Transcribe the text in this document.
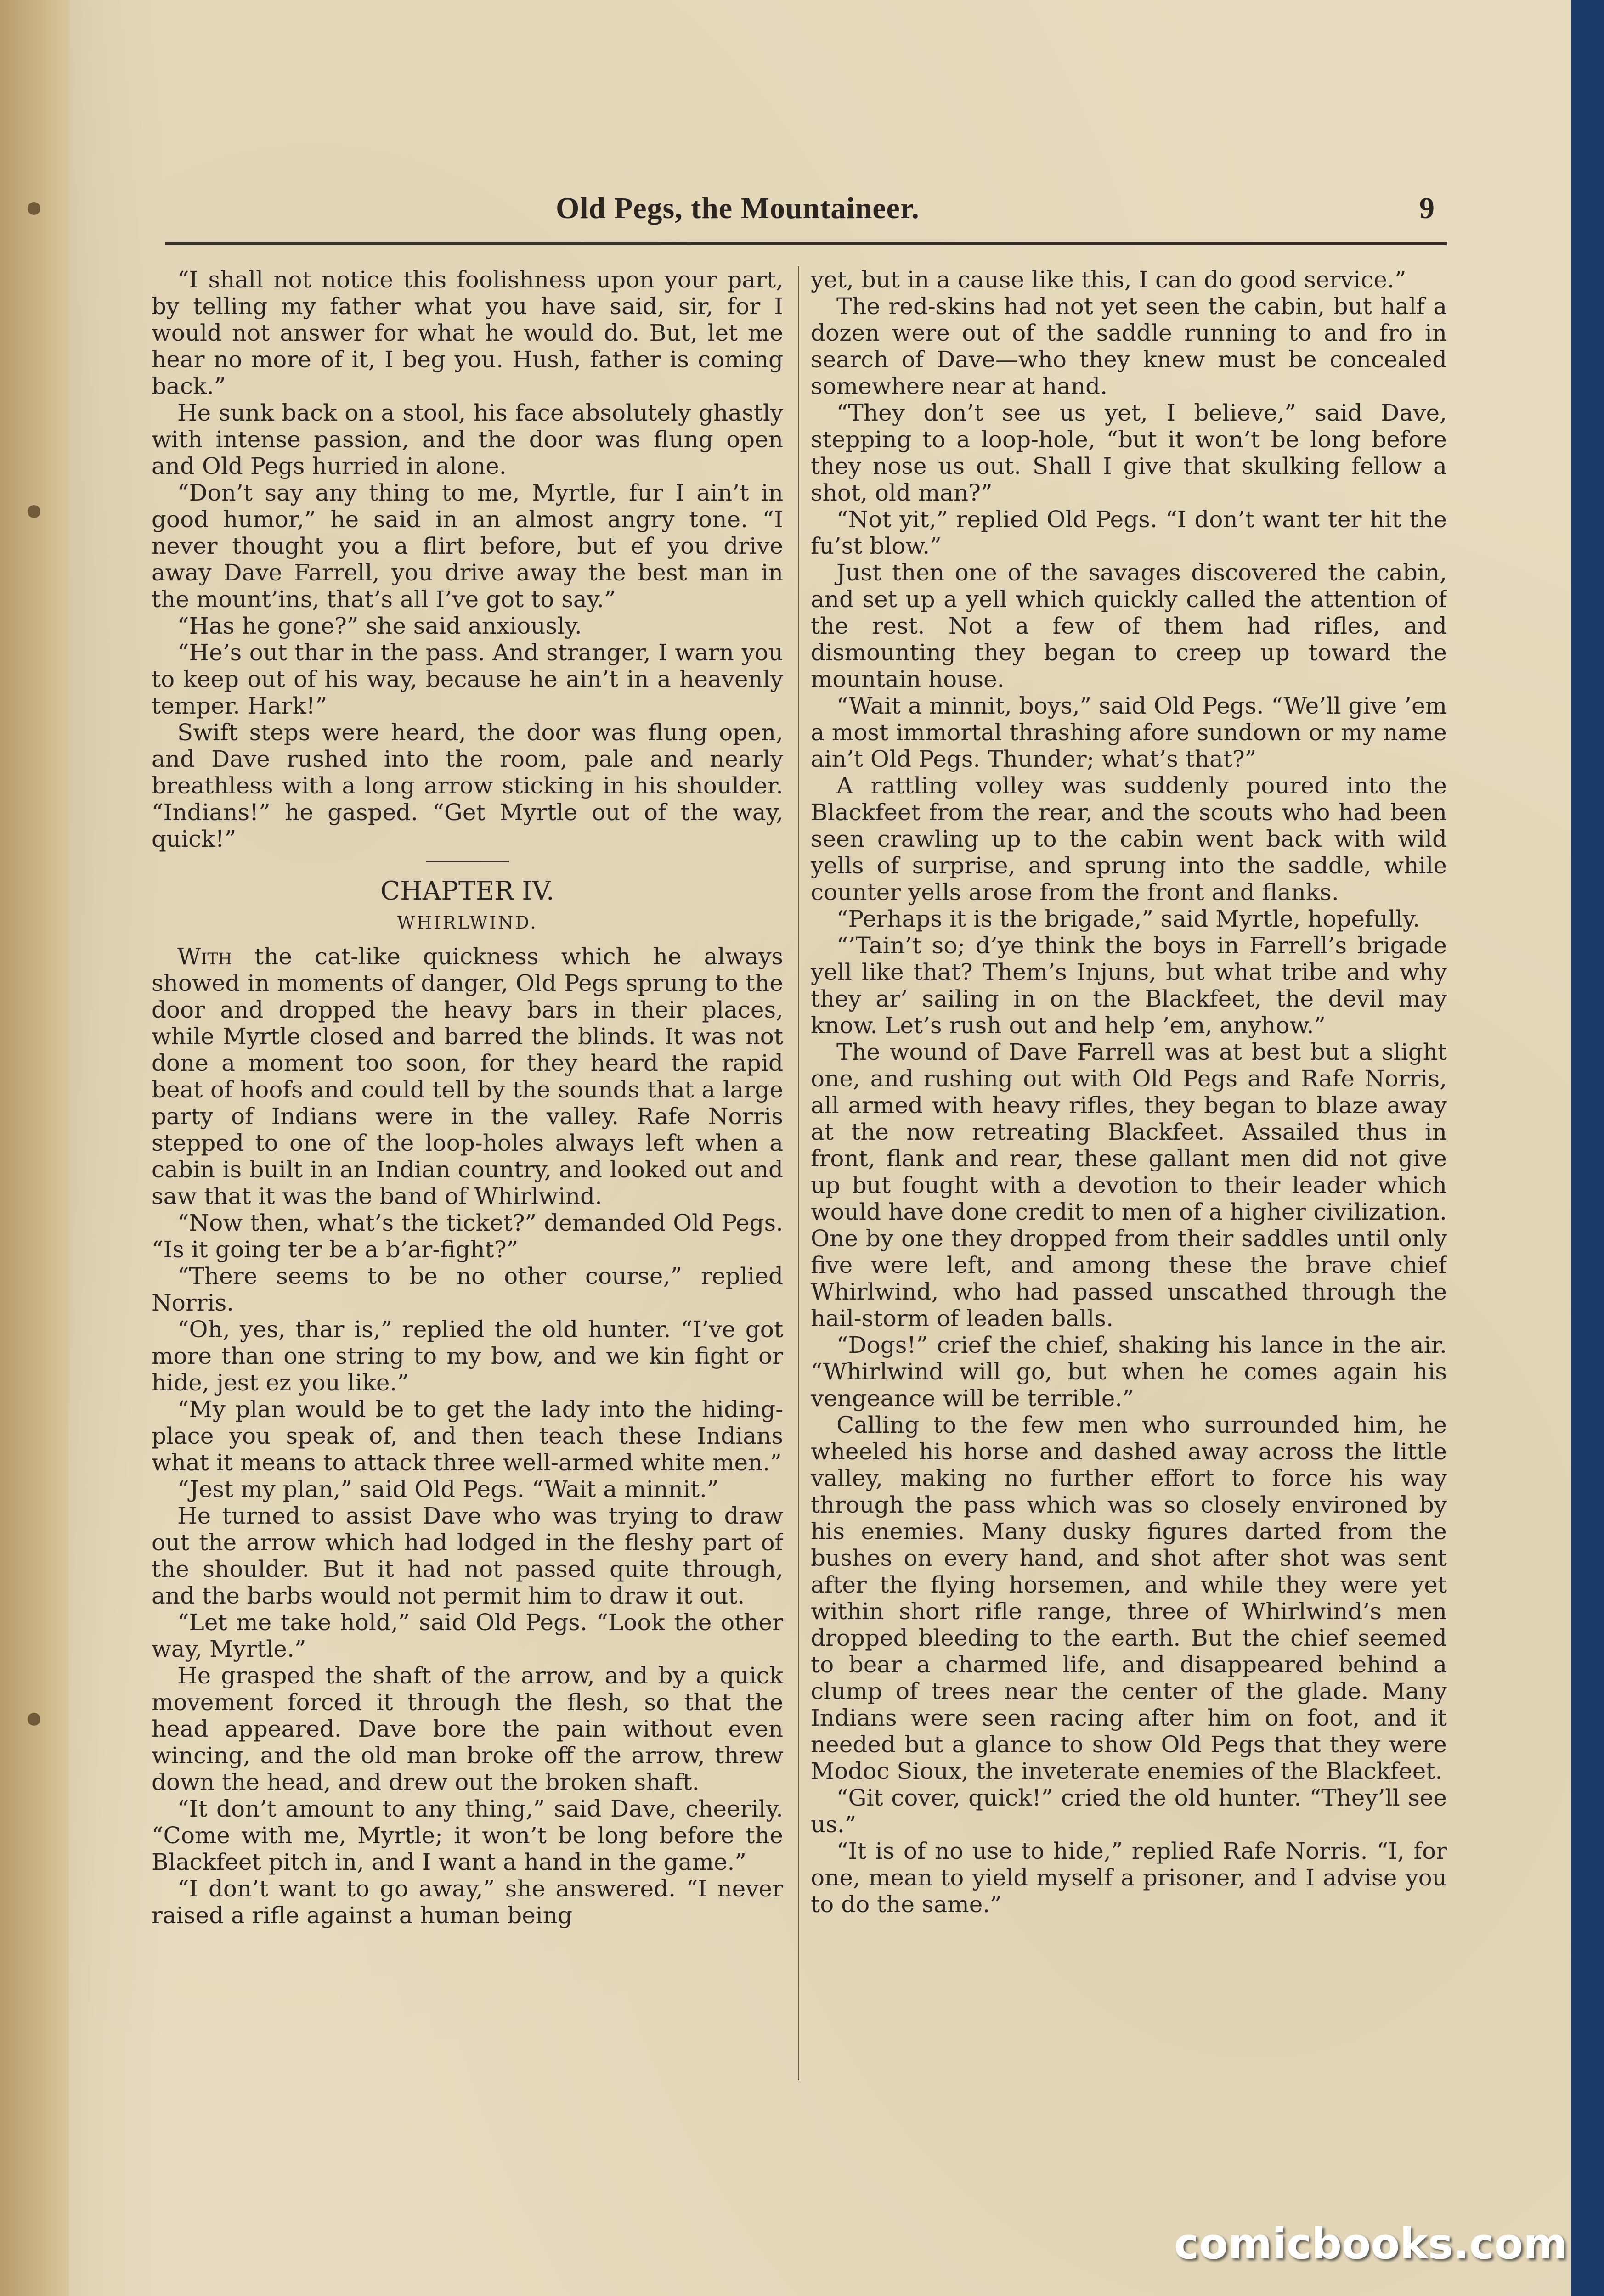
Old Pegs, the Mountaineer.	9

“I shall not notice this foolishness upon your part, by telling my father what you have said, sir, for I would not answer for what he would do. But, let me hear no more of it, I beg you. Hush, father is coming back.”

He sunk back on a stool, his face absolutely ghastly with intense passion, and the door was flung open and Old Pegs hurried in alone.

“Don’t say any thing to me, Myrtle, fur I ain’t in good humor,” he said in an almost angry tone. “I never thought you a flirt before, but ef you drive away Dave Farrell, you drive away the best man in the mount’ins, that’s all I’ve got to say.”

“Has he gone?” she said anxiously.

“He’s out thar in the pass. And stranger, I warn you to keep out of his way, because he ain’t in a heavenly temper. Hark!”

Swift steps were heard, the door was flung open, and Dave rushed into the room, pale and nearly breathless with a long arrow sticking in his shoulder. “Indians!” he gasped. “Get Myrtle out of the way, quick!”

CHAPTER IV.
WHIRLWIND.

With the cat-like quickness which he always showed in moments of danger, Old Pegs sprung to the door and dropped the heavy bars in their places, while Myrtle closed and barred the blinds. It was not done a moment too soon, for they heard the rapid beat of hoofs and could tell by the sounds that a large party of Indians were in the valley. Rafe Norris stepped to one of the loop-holes always left when a cabin is built in an Indian country, and looked out and saw that it was the band of Whirlwind.

“Now then, what’s the ticket?” demanded Old Pegs. “Is it going ter be a b’ar-fight?”

“There seems to be no other course,” replied Norris.

“Oh, yes, thar is,” replied the old hunter. “I’ve got more than one string to my bow, and we kin fight or hide, jest ez you like.”

“My plan would be to get the lady into the hiding-place you speak of, and then teach these Indians what it means to attack three well-armed white men.”

“Jest my plan,” said Old Pegs. “Wait a minnit.”

He turned to assist Dave who was trying to draw out the arrow which had lodged in the fleshy part of the shoulder. But it had not passed quite through, and the barbs would not permit him to draw it out.

“Let me take hold,” said Old Pegs. “Look the other way, Myrtle.”

He grasped the shaft of the arrow, and by a quick movement forced it through the flesh, so that the head appeared. Dave bore the pain without even wincing, and the old man broke off the arrow, threw down the head, and drew out the broken shaft.

“It don’t amount to any thing,” said Dave, cheerily. “Come with me, Myrtle; it won’t be long before the Blackfeet pitch in, and I want a hand in the game.”

“I don’t want to go away,” she answered. “I never raised a rifle against a human being

yet, but in a cause like this, I can do good service.”

The red-skins had not yet seen the cabin, but half a dozen were out of the saddle running to and fro in search of Dave—who they knew must be concealed somewhere near at hand.

“They don’t see us yet, I believe,” said Dave, stepping to a loop-hole, “but it won’t be long before they nose us out. Shall I give that skulking fellow a shot, old man?”

“Not yit,” replied Old Pegs. “I don’t want ter hit the fu’st blow.”

Just then one of the savages discovered the cabin, and set up a yell which quickly called the attention of the rest. Not a few of them had rifles, and dismounting they began to creep up toward the mountain house.

“Wait a minnit, boys,” said Old Pegs. “We’ll give ’em a most immortal thrashing afore sundown or my name ain’t Old Pegs. Thunder; what’s that?”

A rattling volley was suddenly poured into the Blackfeet from the rear, and the scouts who had been seen crawling up to the cabin went back with wild yells of surprise, and sprung into the saddle, while counter yells arose from the front and flanks.

“Perhaps it is the brigade,” said Myrtle, hopefully.

“’Tain’t so; d’ye think the boys in Farrell’s brigade yell like that? Them’s Injuns, but what tribe and why they ar’ sailing in on the Blackfeet, the devil may know. Let’s rush out and help ’em, anyhow.”

The wound of Dave Farrell was at best but a slight one, and rushing out with Old Pegs and Rafe Norris, all armed with heavy rifles, they began to blaze away at the now retreating Blackfeet. Assailed thus in front, flank and rear, these gallant men did not give up but fought with a devotion to their leader which would have done credit to men of a higher civilization. One by one they dropped from their saddles until only five were left, and among these the brave chief Whirlwind, who had passed unscathed through the hail-storm of leaden balls.

“Dogs!” crief the chief, shaking his lance in the air. “Whirlwind will go, but when he comes again his vengeance will be terrible.”

Calling to the few men who surrounded him, he wheeled his horse and dashed away across the little valley, making no further effort to force his way through the pass which was so closely environed by his enemies. Many dusky figures darted from the bushes on every hand, and shot after shot was sent after the flying horsemen, and while they were yet within short rifle range, three of Whirlwind’s men dropped bleeding to the earth. But the chief seemed to bear a charmed life, and disappeared behind a clump of trees near the center of the glade. Many Indians were seen racing after him on foot, and it needed but a glance to show Old Pegs that they were Modoc Sioux, the inveterate enemies of the Blackfeet.

“Git cover, quick!” cried the old hunter. “They’ll see us.”

“It is of no use to hide,” replied Rafe Norris. “I, for one, mean to yield myself a prisoner, and I advise you to do the same.”

comicbooks.com
